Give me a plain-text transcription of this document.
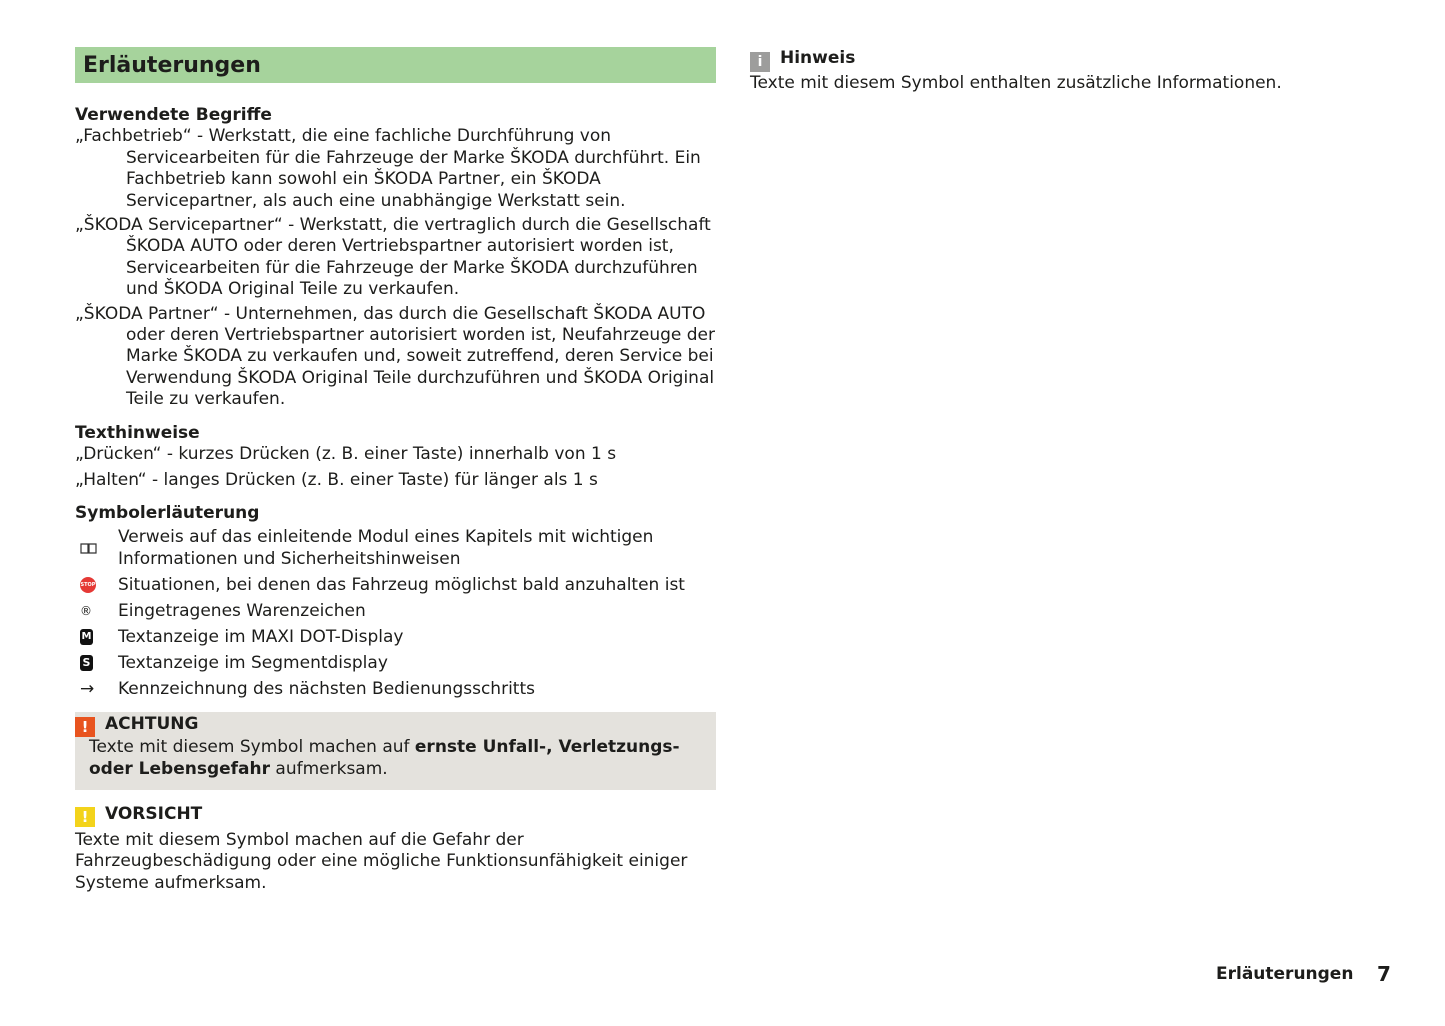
Erläuterungen
Verwendete Begriffe
„Fachbetrieb“ - Werkstatt, die eine fachliche Durchführung von Servicearbeiten für die Fahrzeuge der Marke ŠKODA durchführt. Ein Fachbetrieb kann sowohl ein ŠKODA Partner, ein ŠKODA Servicepartner, als auch eine unabhängige Werkstatt sein.
„ŠKODA Servicepartner“ - Werkstatt, die vertraglich durch die Gesellschaft ŠKODA AUTO oder deren Vertriebspartner autorisiert worden ist, Servicearbeiten für die Fahrzeuge der Marke ŠKODA durchzuführen und ŠKODA Original Teile zu verkaufen.
„ŠKODA Partner“ - Unternehmen, das durch die Gesellschaft ŠKODA AUTO oder deren Vertriebspartner autorisiert worden ist, Neufahrzeuge der Marke ŠKODA zu verkaufen und, soweit zutreffend, deren Service bei Verwendung ŠKODA Original Teile durchzuführen und ŠKODA Original Teile zu verkaufen.
Texthinweise
„Drücken“ - kurzes Drücken (z. B. einer Taste) innerhalb von 1 s
„Halten“ - langes Drücken (z. B. einer Taste) für länger als 1 s
Symbolerläuterung
Verweis auf das einleitende Modul eines Kapitels mit wichtigen Informationen und Sicherheitshinweisen
STOP Situationen, bei denen das Fahrzeug möglichst bald anzuhalten ist
® Eingetragenes Warenzeichen
M Textanzeige im MAXI DOT-Display
S Textanzeige im Segmentdisplay
→ Kennzeichnung des nächsten Bedienungsschritts
! ACHTUNG
Texte mit diesem Symbol machen auf ernste Unfall-, Verletzungs- oder Lebensgefahr aufmerksam.
! VORSICHT
Texte mit diesem Symbol machen auf die Gefahr der Fahrzeugbeschädigung oder eine mögliche Funktionsunfähigkeit einiger Systeme aufmerksam.
i Hinweis
Texte mit diesem Symbol enthalten zusätzliche Informationen.
Erläuterungen 7
